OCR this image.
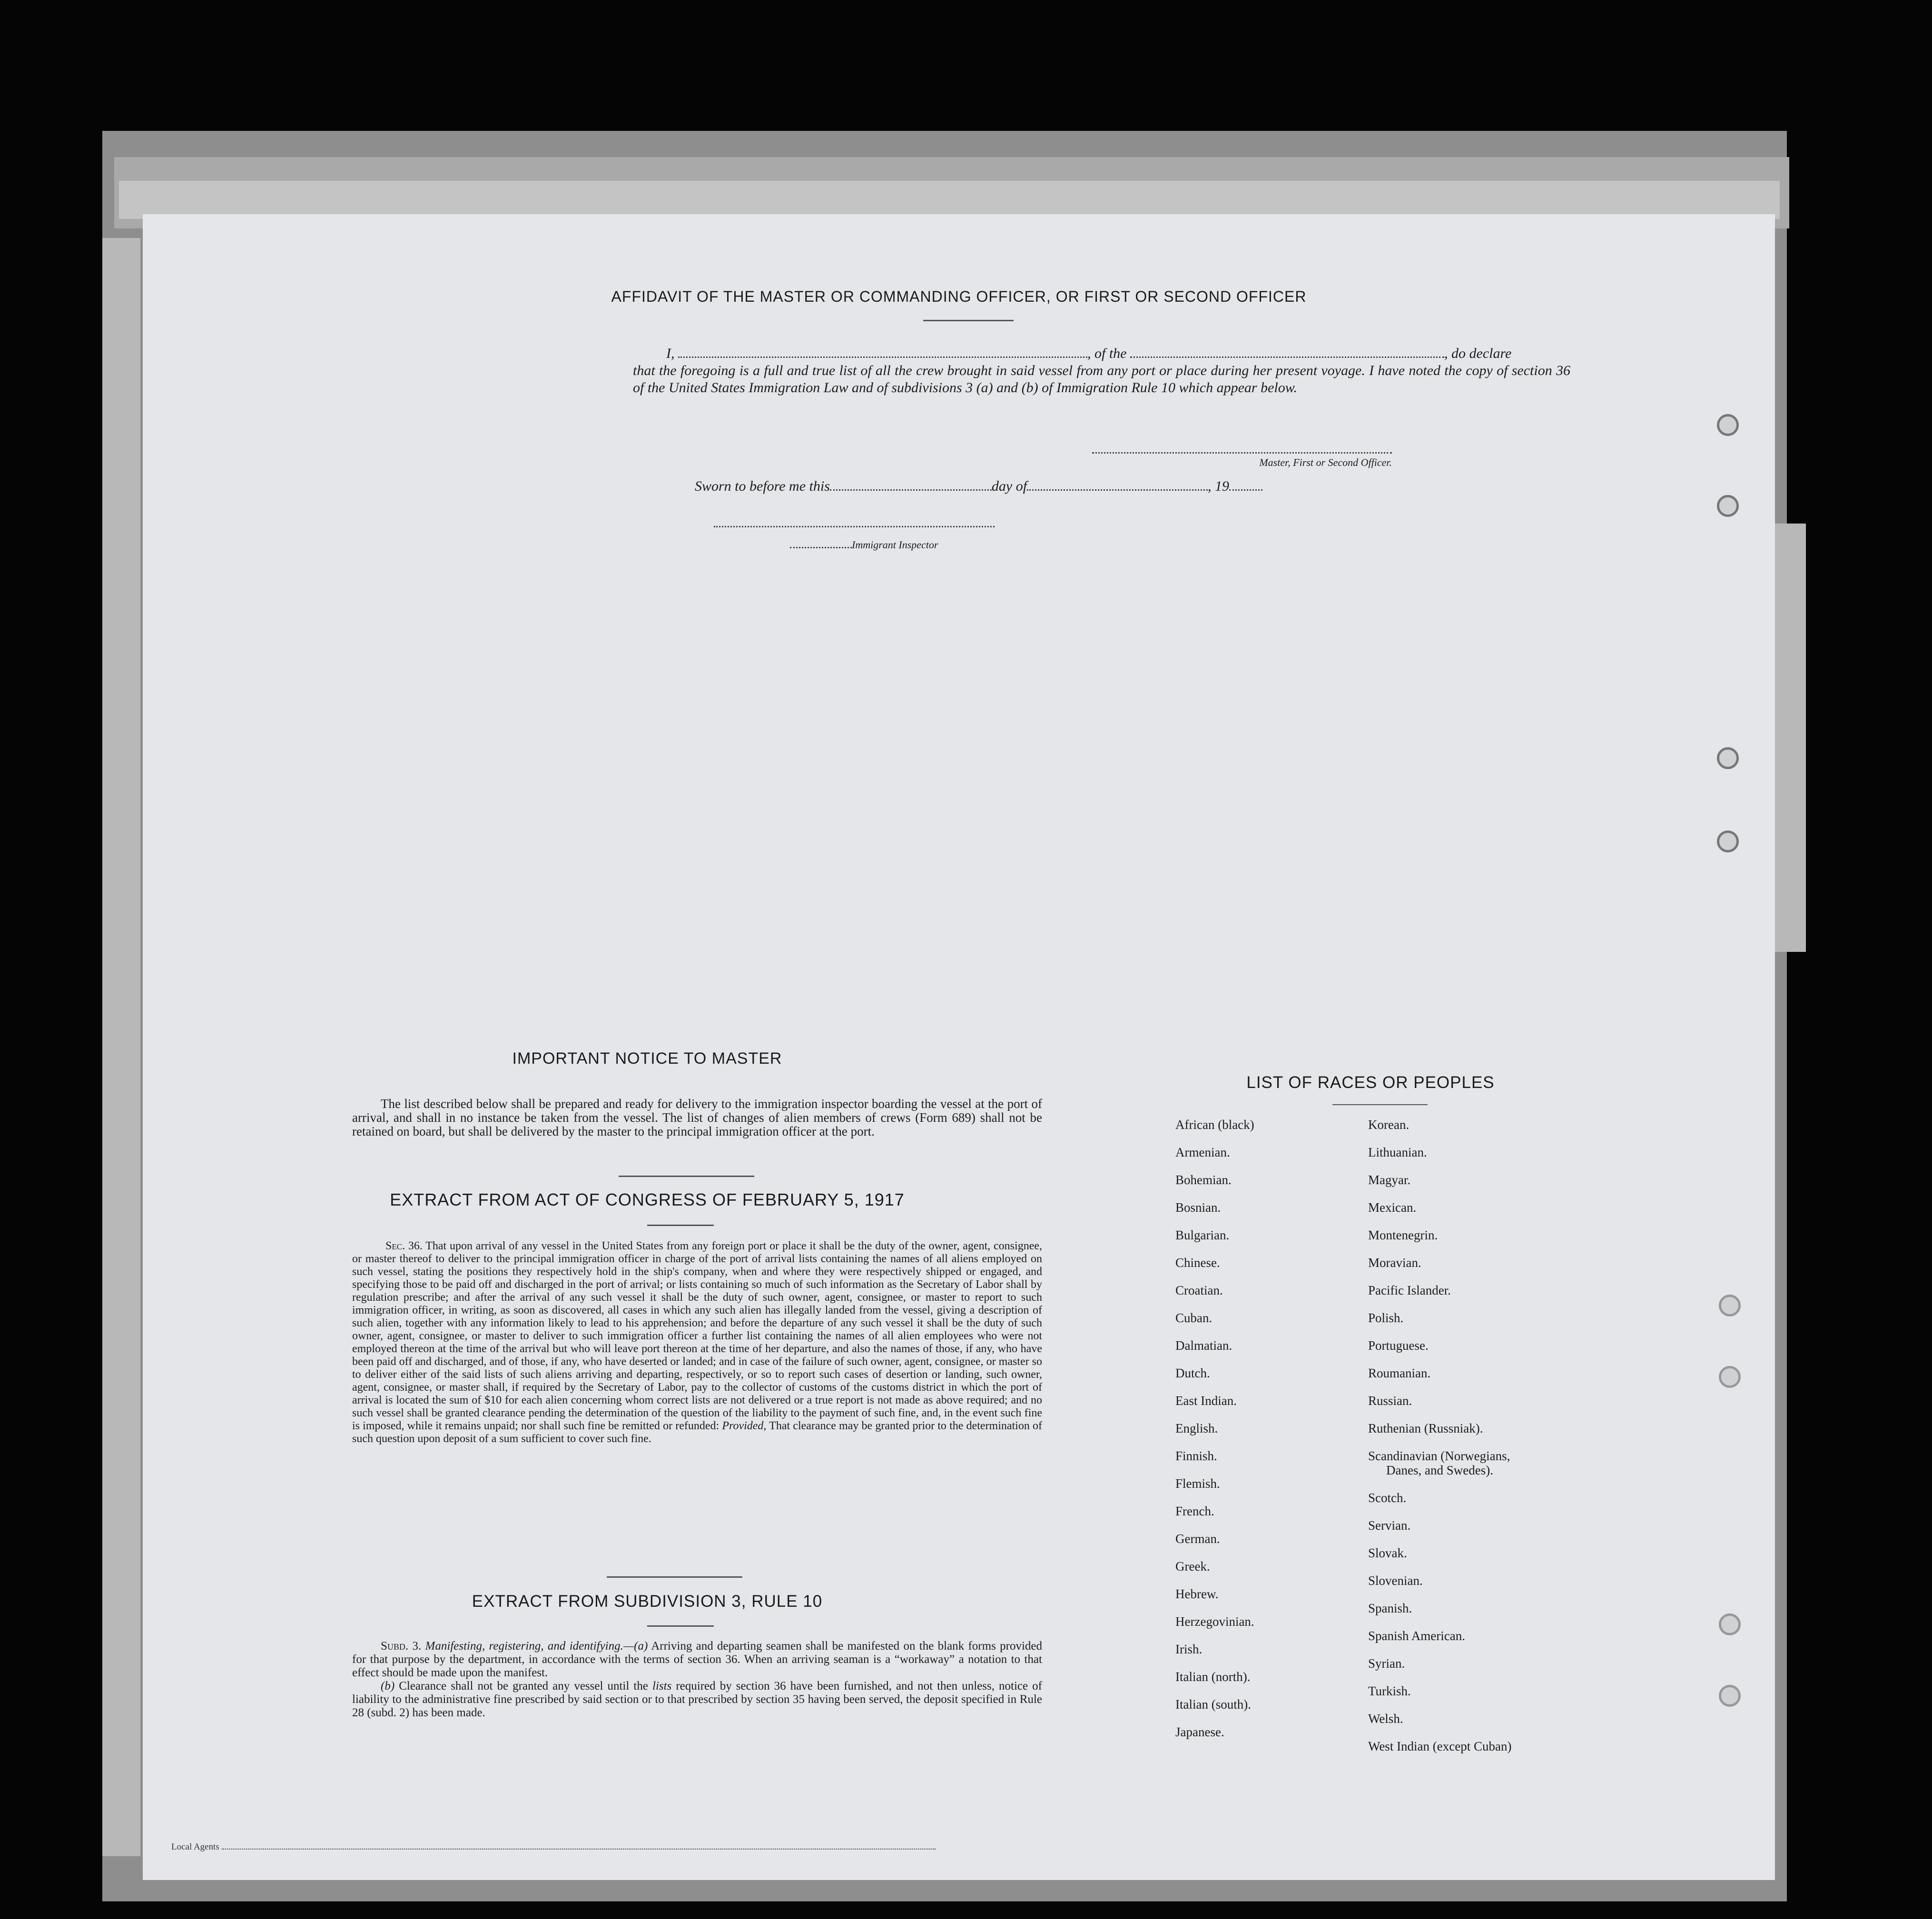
AFFIDAVIT OF THE MASTER OR COMMANDING OFFICER, OR FIRST OR SECOND OFFICER
I,	, of the	, do declare
that the foregoing is a full and true list of all the crew brought in said vessel from any port or place during her present voyage. I have noted the copy of section 36 of the United States Immigration Law and of subdivisions 3 (a) and (b) of Immigration Rule 10 which appear below.
Master, First or Second Officer.
Sworn to before me this	day of	, 19
Immigrant Inspector
IMPORTANT NOTICE TO MASTER
The list described below shall be prepared and ready for delivery to the immigration inspector boarding the vessel at the port of arrival, and shall in no instance be taken from the vessel. The list of changes of alien members of crews (Form 689) shall not be retained on board, but shall be delivered by the master to the principal immigration officer at the port.
EXTRACT FROM ACT OF CONGRESS OF FEBRUARY 5, 1917
Sec. 36. That upon arrival of any vessel in the United States from any foreign port or place it shall be the duty of the owner, agent, consignee, or master thereof to deliver to the principal immigration officer in charge of the port of arrival lists containing the names of all aliens employed on such vessel, stating the positions they respectively hold in the ship's company, when and where they were respectively shipped or engaged, and specifying those to be paid off and discharged in the port of arrival; or lists containing so much of such information as the Secretary of Labor shall by regulation prescribe; and after the arrival of any such vessel it shall be the duty of such owner, agent, consignee, or master to report to such immigration officer, in writing, as soon as discovered, all cases in which any such alien has illegally landed from the vessel, giving a description of such alien, together with any information likely to lead to his apprehension; and before the departure of any such vessel it shall be the duty of such owner, agent, consignee, or master to deliver to such immigration officer a further list containing the names of all alien employees who were not employed thereon at the time of the arrival but who will leave port thereon at the time of her departure, and also the names of those, if any, who have been paid off and discharged, and of those, if any, who have deserted or landed; and in case of the failure of such owner, agent, consignee, or master so to deliver either of the said lists of such aliens arriving and departing, respectively, or so to report such cases of desertion or landing, such owner, agent, consignee, or master shall, if required by the Secretary of Labor, pay to the collector of customs of the customs district in which the port of arrival is located the sum of $10 for each alien concerning whom correct lists are not delivered or a true report is not made as above required; and no such vessel shall be granted clearance pending the determination of the question of the liability to the payment of such fine, and, in the event such fine is imposed, while it remains unpaid; nor shall such fine be remitted or refunded: Provided, That clearance may be granted prior to the determination of such question upon deposit of a sum sufficient to cover such fine.
EXTRACT FROM SUBDIVISION 3, RULE 10
Subd. 3. Manifesting, registering, and identifying.—(a) Arriving and departing seamen shall be manifested on the blank forms provided for that purpose by the department, in accordance with the terms of section 36. When an arriving seaman is a “workaway” a notation to that effect should be made upon the manifest.
(b) Clearance shall not be granted any vessel until the lists required by section 36 have been furnished, and not then unless, notice of liability to the administrative fine prescribed by said section or to that prescribed by section 35 having been served, the deposit specified in Rule 28 (subd. 2) has been made.
LIST OF RACES OR PEOPLES
African (black)
Armenian.
Bohemian.
Bosnian.
Bulgarian.
Chinese.
Croatian.
Cuban.
Dalmatian.
Dutch.
East Indian.
English.
Finnish.
Flemish.
French.
German.
Greek.
Hebrew.
Herzegovinian.
Irish.
Italian (north).
Italian (south).
Japanese.
Korean.
Lithuanian.
Magyar.
Mexican.
Montenegrin.
Moravian.
Pacific Islander.
Polish.
Portuguese.
Roumanian.
Russian.
Ruthenian (Russniak).
Scandinavian (Norwegians,
Danes, and Swedes).
Scotch.
Servian.
Slovak.
Slovenian.
Spanish.
Spanish American.
Syrian.
Turkish.
Welsh.
West Indian (except Cuban)
Local Agents
